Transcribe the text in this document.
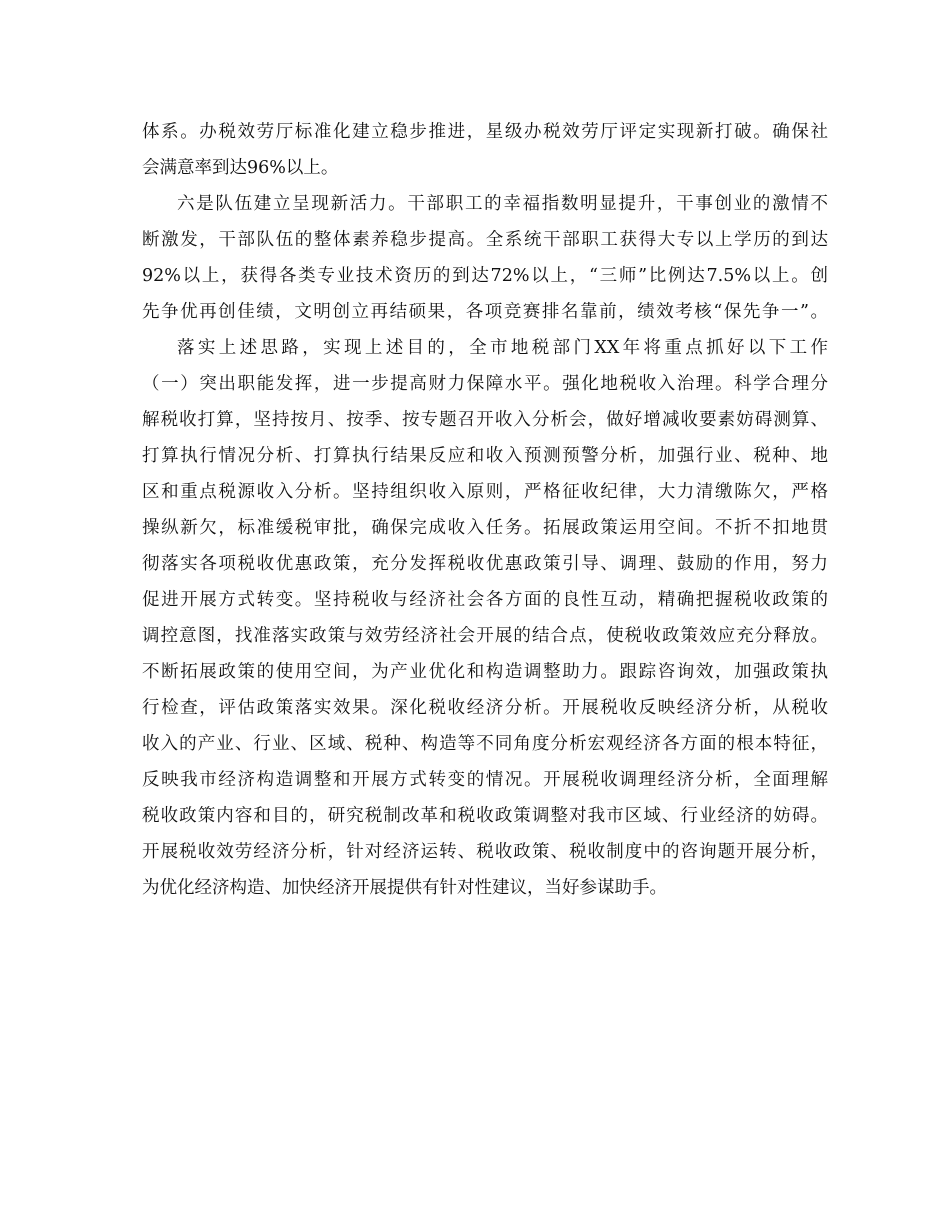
体系。办税效劳厅标准化建立稳步推进，星级办税效劳厅评定实现新打破。确保社
会满意率到达96%以上。
六是队伍建立呈现新活力。干部职工的幸福指数明显提升，干事创业的激情不
断激发，干部队伍的整体素养稳步提高。全系统干部职工获得大专以上学历的到达
92%以上，获得各类专业技术资历的到达72%以上，“三师”比例达7.5%以上。创
先争优再创佳绩，文明创立再结硕果，各项竞赛排名靠前，绩效考核“保先争一”。
落实上述思路，实现上述目的，全市地税部门XX年将重点抓好以下工作
（一）突出职能发挥，进一步提高财力保障水平。强化地税收入治理。科学合理分
解税收打算，坚持按月、按季、按专题召开收入分析会，做好增减收要素妨碍测算、
打算执行情况分析、打算执行结果反应和收入预测预警分析，加强行业、税种、地
区和重点税源收入分析。坚持组织收入原则，严格征收纪律，大力清缴陈欠，严格
操纵新欠，标准缓税审批，确保完成收入任务。拓展政策运用空间。不折不扣地贯
彻落实各项税收优惠政策，充分发挥税收优惠政策引导、调理、鼓励的作用，努力
促进开展方式转变。坚持税收与经济社会各方面的良性互动，精确把握税收政策的
调控意图，找准落实政策与效劳经济社会开展的结合点，使税收政策效应充分释放。
不断拓展政策的使用空间，为产业优化和构造调整助力。跟踪咨询效，加强政策执
行检查，评估政策落实效果。深化税收经济分析。开展税收反映经济分析，从税收
收入的产业、行业、区域、税种、构造等不同角度分析宏观经济各方面的根本特征，
反映我市经济构造调整和开展方式转变的情况。开展税收调理经济分析，全面理解
税收政策内容和目的，研究税制改革和税收政策调整对我市区域、行业经济的妨碍。
开展税收效劳经济分析，针对经济运转、税收政策、税收制度中的咨询题开展分析，
为优化经济构造、加快经济开展提供有针对性建议，当好参谋助手。
